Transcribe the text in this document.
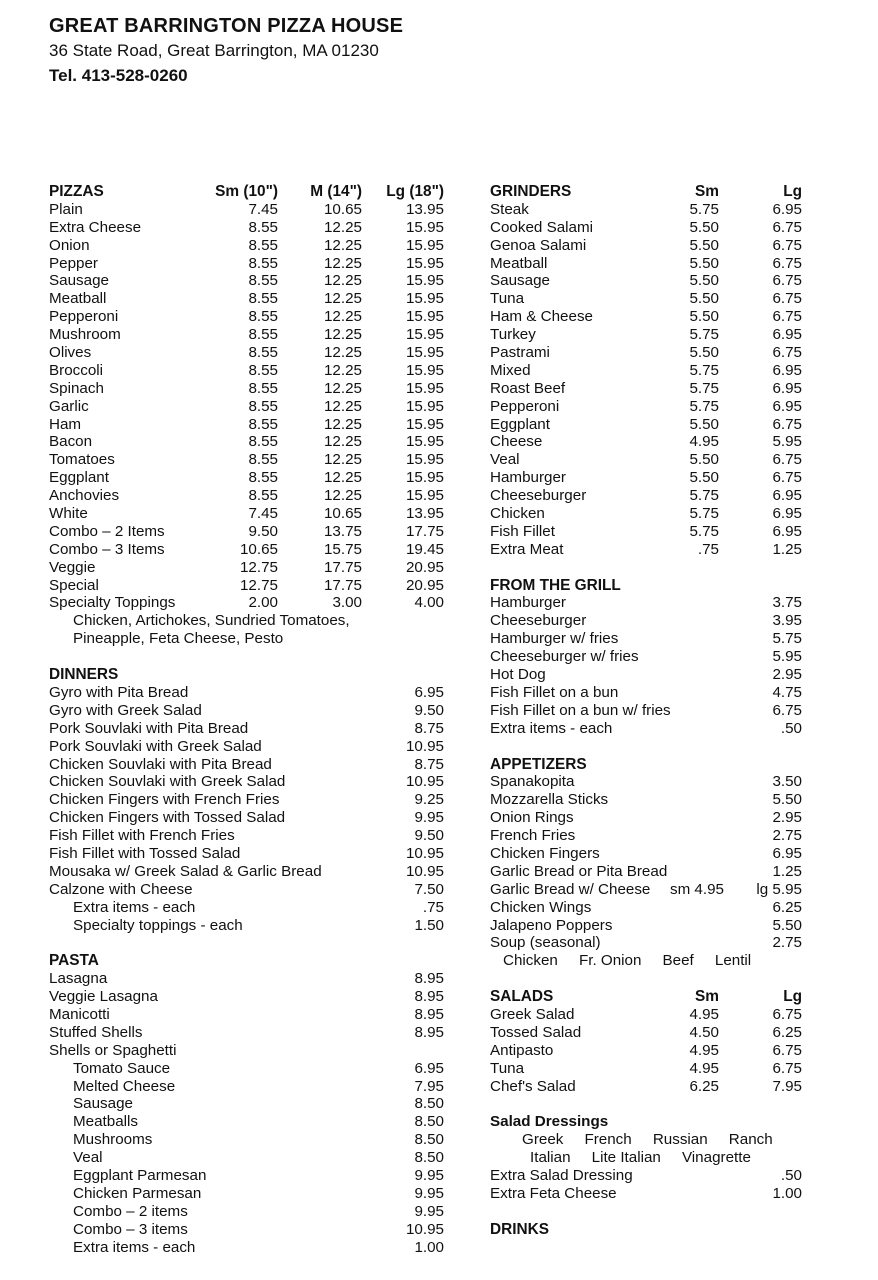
GREAT BARRINGTON PIZZA HOUSE
36 State Road, Great Barrington, MA 01230
Tel. 413-528-0260
PIZZAS	Sm (10") M (14") Lg (18")
Plain	7.45	10.65	13.95
Extra Cheese	8.55	12.25	15.95
Onion	8.55	12.25	15.95
Pepper	8.55	12.25	15.95
Sausage	8.55	12.25	15.95
Meatball	8.55	12.25	15.95
Pepperoni	8.55	12.25	15.95
Mushroom	8.55	12.25	15.95
Olives	8.55	12.25	15.95
Broccoli	8.55	12.25	15.95
Spinach	8.55	12.25	15.95
Garlic	8.55	12.25	15.95
Ham	8.55	12.25	15.95
Bacon	8.55	12.25	15.95
Tomatoes	8.55	12.25	15.95
Eggplant	8.55	12.25	15.95
Anchovies	8.55	12.25	15.95
White	7.45	10.65	13.95
Combo – 2 Items	9.50	13.75	17.75
Combo – 3 Items	10.65	15.75	19.45
Veggie	12.75	17.75	20.95
Special	12.75	17.75	20.95
Specialty Toppings	2.00	3.00	4.00
Chicken, Artichokes, Sundried Tomatoes,
Pineapple, Feta Cheese, Pesto
DINNERS
Gyro with Pita Bread	6.95
Gyro with Greek Salad	9.50
Pork Souvlaki with Pita Bread	8.75
Pork Souvlaki with Greek Salad	10.95
Chicken Souvlaki with Pita Bread	8.75
Chicken Souvlaki with Greek Salad	10.95
Chicken Fingers with French Fries	9.25
Chicken Fingers with Tossed Salad	9.95
Fish Fillet with French Fries	9.50
Fish Fillet with Tossed Salad	10.95
Mousaka w/ Greek Salad & Garlic Bread	10.95
Calzone with Cheese	7.50
Extra items - each	.75
Specialty toppings - each	1.50
PASTA
Lasagna	8.95
Veggie Lasagna	8.95
Manicotti	8.95
Stuffed Shells	8.95
Shells or Spaghetti
Tomato Sauce	6.95
Melted Cheese	7.95
Sausage	8.50
Meatballs	8.50
Mushrooms	8.50
Veal	8.50
Eggplant Parmesan	9.95
Chicken Parmesan	9.95
Combo – 2 items	9.95
Combo – 3 items	10.95
Extra items - each	1.00
GRINDERS	Sm	Lg
Steak	5.75	6.95
Cooked Salami	5.50	6.75
Genoa Salami	5.50	6.75
Meatball	5.50	6.75
Sausage	5.50	6.75
Tuna	5.50	6.75
Ham & Cheese	5.50	6.75
Turkey	5.75	6.95
Pastrami	5.50	6.75
Mixed	5.75	6.95
Roast Beef	5.75	6.95
Pepperoni	5.75	6.95
Eggplant	5.50	6.75
Cheese	4.95	5.95
Veal	5.50	6.75
Hamburger	5.50	6.75
Cheeseburger	5.75	6.95
Chicken	5.75	6.95
Fish Fillet	5.75	6.95
Extra Meat	.75	1.25
FROM THE GRILL
Hamburger	3.75
Cheeseburger	3.95
Hamburger w/ fries	5.75
Cheeseburger w/ fries	5.95
Hot Dog	2.95
Fish Fillet on a bun	4.75
Fish Fillet on a bun w/ fries	6.75
Extra items - each	.50
APPETIZERS
Spanakopita	3.50
Mozzarella Sticks	5.50
Onion Rings	2.95
French Fries	2.75
Chicken Fingers	6.95
Garlic Bread or Pita Bread	1.25
Garlic Bread w/ Cheese sm 4.95 lg 5.95
Chicken Wings	6.25
Jalapeno Poppers	5.50
Soup (seasonal)	2.75
Chicken     Fr. Onion     Beef     Lentil
SALADS	Sm	Lg
Greek Salad	4.95	6.75
Tossed Salad	4.50	6.25
Antipasto	4.95	6.75
Tuna	4.95	6.75
Chef's Salad	6.25	7.95
Salad Dressings
Greek     French     Russian     Ranch
Italian     Lite Italian     Vinagrette
Extra Salad Dressing	.50
Extra Feta Cheese	1.00
DRINKS
